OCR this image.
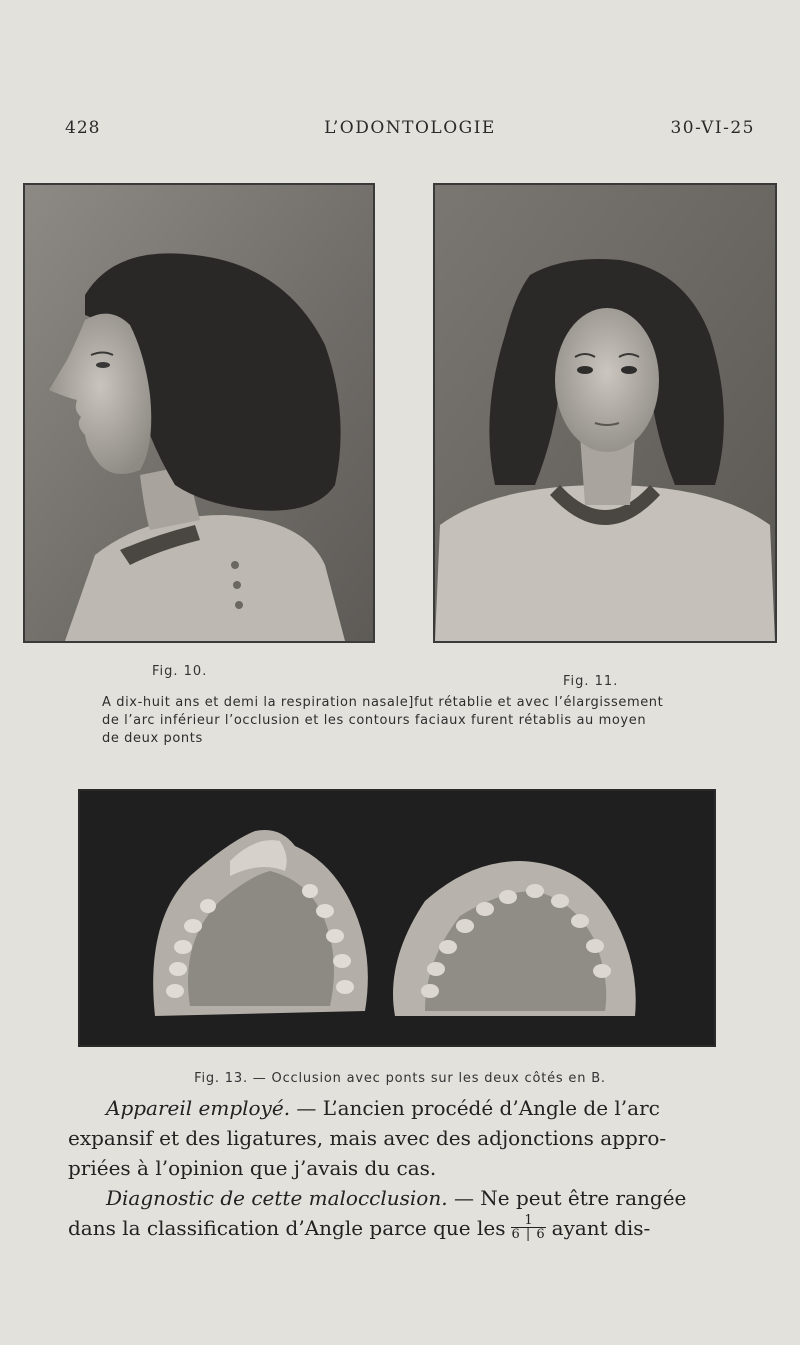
428	L’ODONTOLOGIE	30-VI-25
Fig. 10.
Fig. 11.
A dix-huit ans et demi la respiration nasale]fut rétablie et avec l’élargissement
de l’arc inférieur l’occlusion et les contours faciaux furent rétablis au moyen
de deux ponts
Fig. 13. — Occlusion avec ponts sur les deux côtés en B.
Appareil employé. — L’ancien procédé d’Angle de l’arc
expansif et des ligatures, mais avec des adjonctions appro-
priées à l’opinion que j’avais du cas.
Diagnostic de cette malocclusion. — Ne peut être rangée
dans la classification d’Angle parce que les $\frac{1}{6 | 6}$ ayant dis-
